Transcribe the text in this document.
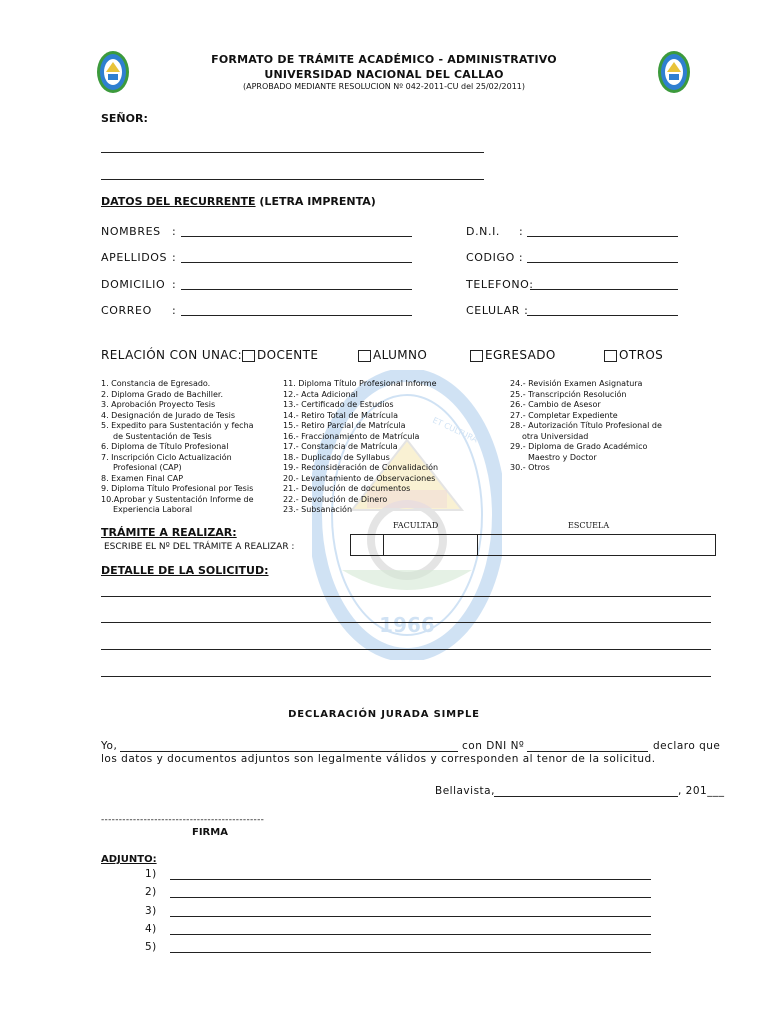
1966
ET CULTURA
FORMATO DE TRÁMITE ACADÉMICO - ADMINISTRATIVO
UNIVERSIDAD NACIONAL DEL CALLAO
(APROBADO MEDIANTE RESOLUCION Nº 042-2011-CU del 25/02/2011)
SEÑOR:
DATOS DEL RECURRENTE (LETRA IMPRENTA)
NOMBRES :
APELLIDOS :
DOMICILIO :
CORREO :
D.N.I. :
CODIGO :
TELEFONO:
CELULAR :
RELACIÓN CON UNAC:	DOCENTE	ALUMNO	EGRESADO	OTROS
1. Constancia de Egresado.
2. Diploma Grado de Bachiller.
3. Aprobación Proyecto Tesis
4. Designación de Jurado de Tesis
5. Expedito para Sustentación y fecha
de Sustentación de Tesis
6. Diploma de Título Profesional
7. Inscripción Ciclo Actualización
Profesional (CAP)
8. Examen Final CAP
9. Diploma Título Profesional por Tesis
10.Aprobar y Sustentación Informe de
Experiencia Laboral
11. Diploma Título Profesional Informe
12.- Acta Adicional
13.- Certificado de Estudios
14.- Retiro Total de Matrícula
15.- Retiro Parcial de Matrícula
16.- Fraccionamiento de Matrícula
17.- Constancia de Matrícula
18.- Duplicado de Syllabus
19.- Reconsideración de Convalidación
20.- Levantamiento de Observaciones
21.- Devolución de documentos
22.- Devolución de Dinero
23.- Subsanación
24.- Revisión Examen Asignatura
25.- Transcripción Resolución
26.- Cambio de Asesor
27.- Completar Expediente
28.- Autorización Título Profesional de
otra Universidad
29.- Diploma de Grado Académico
Maestro y Doctor
30.- Otros
TRÁMITE A REALIZAR:
ESCRIBE EL Nº DEL TRÁMITE A REALIZAR :
FACULTAD	ESCUELA
DETALLE DE LA SOLICITUD:
DECLARACIÓN JURADA SIMPLE
Yo,	con DNI Nº	declaro que
los datos y documentos adjuntos son legalmente válidos y corresponden al tenor de la solicitud.
Bellavista,	, 201___
----------------------------------------------
FIRMA
ADJUNTO:
1)
2)
3)
4)
5)
